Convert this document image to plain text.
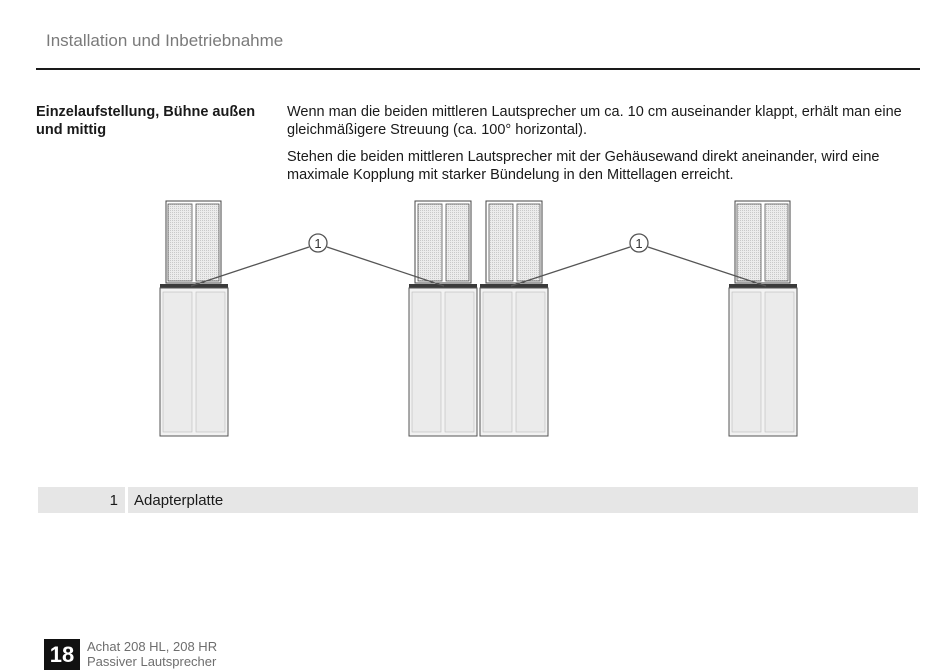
Installation und Inbetriebnahme
Einzelaufstellung, Bühne außen und mittig

Wenn man die beiden mittleren Lautsprecher um ca. 10 cm auseinander klappt, erhält man eine gleichmäßigere Streuung (ca. 100° horizontal).

Stehen die beiden mittleren Lautsprecher mit der Gehäusewand direkt aneinander, wird eine maximale Kopplung mit starker Bündelung in den Mittellagen erreicht.

1	1
1	Adapterplatte
18 Achat 208 HL, 208 HR
Passiver Lautsprecher
